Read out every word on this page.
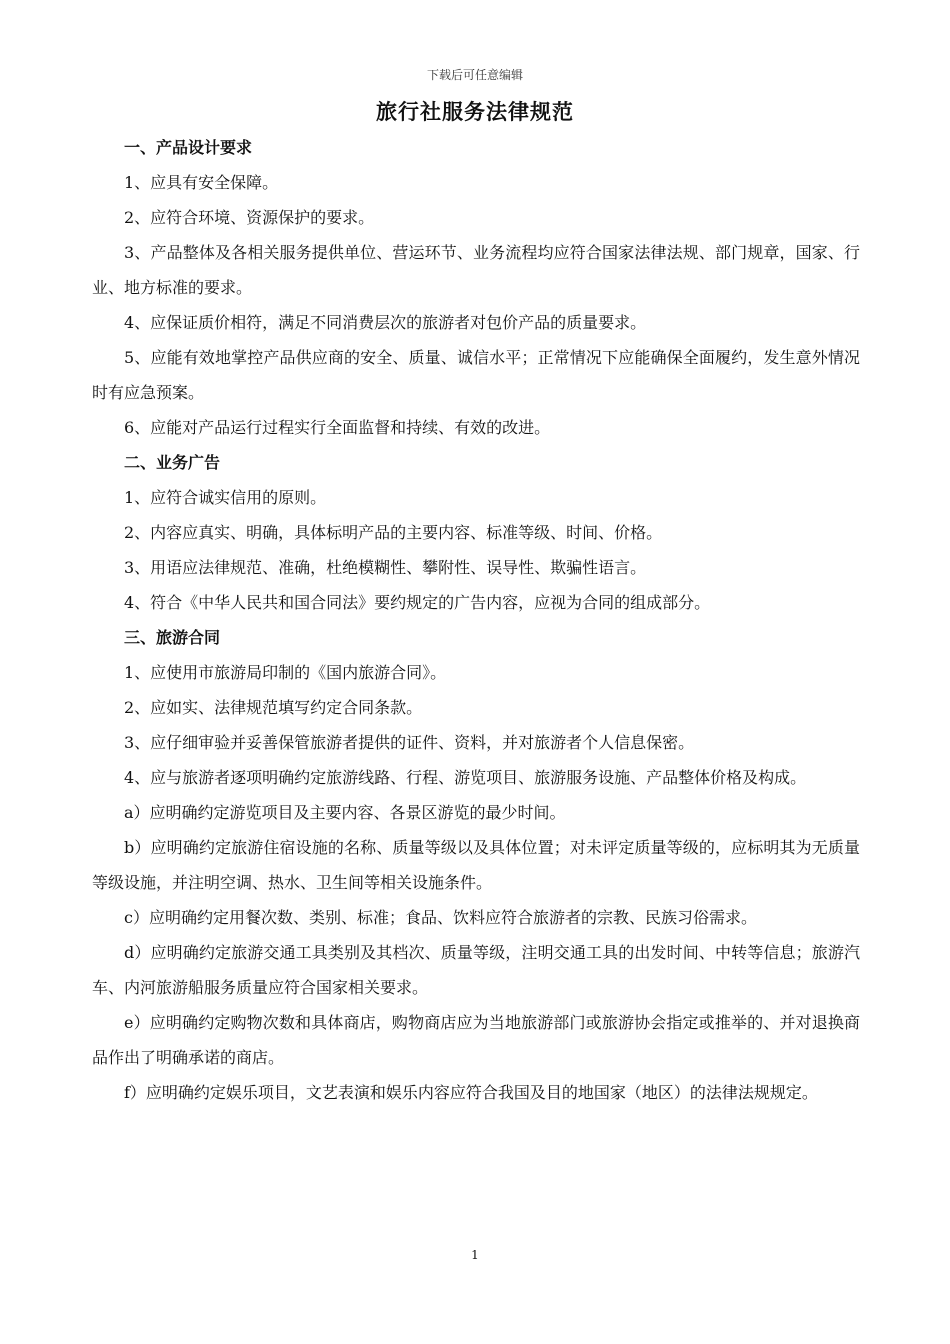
下载后可任意编辑
旅行社服务法律规范
一、产品设计要求

1、应具有安全保障。

2、应符合环境、资源保护的要求。

3、产品整体及各相关服务提供单位、营运环节、业务流程均应符合国家法律法规、部门规章，国家、行业、地方标准的要求。

4、应保证质价相符，满足不同消费层次的旅游者对包价产品的质量要求。

5、应能有效地掌控产品供应商的安全、质量、诚信水平；正常情况下应能确保全面履约，发生意外情况时有应急预案。

6、应能对产品运行过程实行全面监督和持续、有效的改进。

二、业务广告

1、应符合诚实信用的原则。

2、内容应真实、明确，具体标明产品的主要内容、标准等级、时间、价格。

3、用语应法律规范、准确，杜绝模糊性、攀附性、误导性、欺骗性语言。

4、符合《中华人民共和国合同法》要约规定的广告内容，应视为合同的组成部分。

三、旅游合同

1、应使用市旅游局印制的《国内旅游合同》。

2、应如实、法律规范填写约定合同条款。

3、应仔细审验并妥善保管旅游者提供的证件、资料，并对旅游者个人信息保密。

4、应与旅游者逐项明确约定旅游线路、行程、游览项目、旅游服务设施、产品整体价格及构成。

a）应明确约定游览项目及主要内容、各景区游览的最少时间。

b）应明确约定旅游住宿设施的名称、质量等级以及具体位置；对未评定质量等级的，应标明其为无质量等级设施，并注明空调、热水、卫生间等相关设施条件。

c）应明确约定用餐次数、类别、标准；食品、饮料应符合旅游者的宗教、民族习俗需求。

d）应明确约定旅游交通工具类别及其档次、质量等级，注明交通工具的出发时间、中转等信息；旅游汽车、内河旅游船服务质量应符合国家相关要求。

e）应明确约定购物次数和具体商店，购物商店应为当地旅游部门或旅游协会指定或推举的、并对退换商品作出了明确承诺的商店。

f）应明确约定娱乐项目，文艺表演和娱乐内容应符合我国及目的地国家（地区）的法律法规规定。

1
